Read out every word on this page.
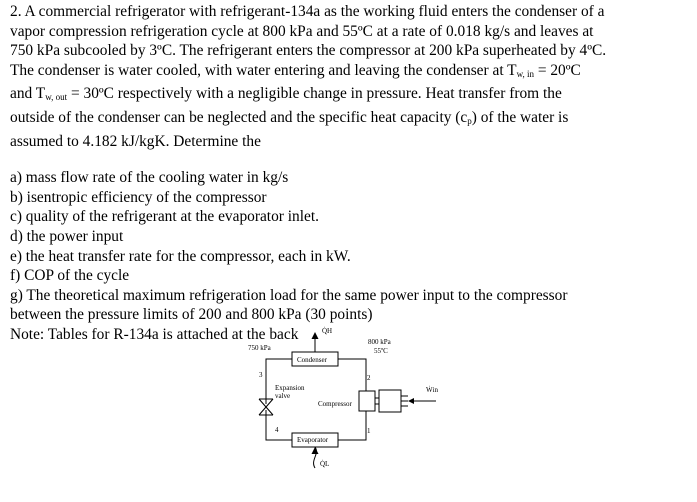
2. A commercial refrigerator with refrigerant-134a as the working fluid enters the condenser of a
vapor compression refrigeration cycle at 800 kPa and 55ºC at a rate of 0.018 kg/s and leaves at
750 kPa subcooled by 3ºC. The refrigerant enters the compressor at 200 kPa superheated by 4ºC.
The condenser is water cooled, with water entering and leaving the condenser at $T_{w, in}$ = 20ºC
and $T_{w, out}$ = 30ºC respectively with a negligible change in pressure. Heat transfer from the
outside of the condenser can be neglected and the specific heat capacity $(c_p)$ of the water is
assumed to 4.182 kJ/kgK. Determine the
a) mass flow rate of the cooling water in kg/s
b) isentropic efficiency of the compressor
c) quality of the refrigerant at the evaporator inlet.
d) the power input
e) the heat transfer rate for the compressor, each in kW.
f) COP of the cycle
g) The theoretical maximum refrigeration load for the same power input to the compressor
between the pressure limits of 200 and 800 kPa (30 points)
Note: Tables for R-134a is attached at the back	Q̇H
750 kPa
800 kPa
55ºC
Condenser
3	2
Expansion
valve
Ẇin
Compressor
1
4
Evaporator
Q̇L
